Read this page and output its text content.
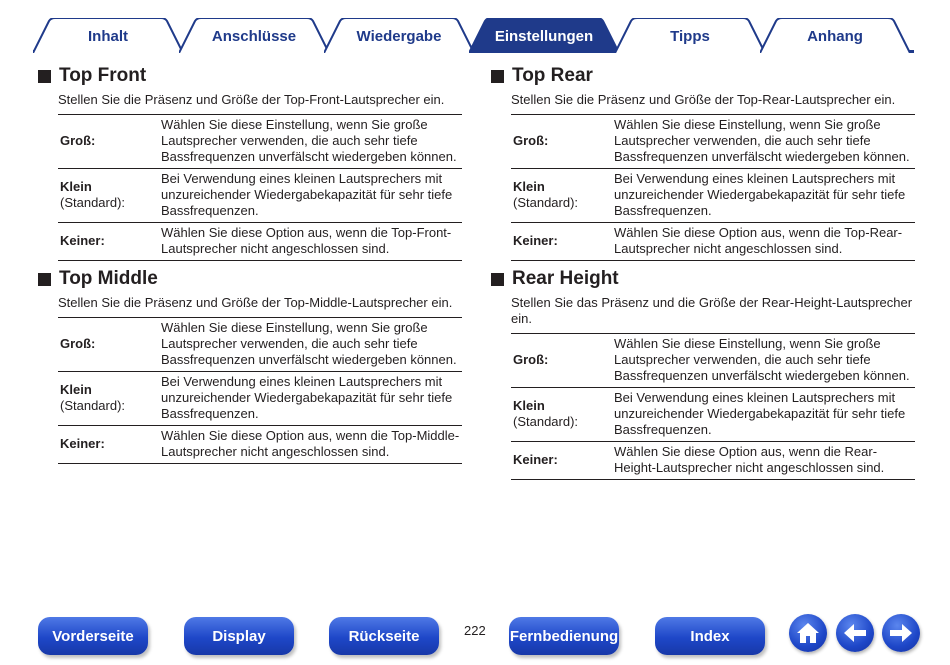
Inhalt	Anschlüsse	Wiedergabe	Einstellungen	Tipps	Anhang
Top Front
Stellen Sie die Präsenz und Größe der Top-Front-Lautsprecher ein.
Groß:	Wählen Sie diese Einstellung, wenn Sie große Lautsprecher verwenden, die auch sehr tiefe Bassfrequenzen unverfälscht wiedergeben können.

Klein
(Standard):	Bei Verwendung eines kleinen Lautsprechers mit unzureichender Wiedergabekapazität für sehr tiefe Bassfrequenzen.

Keiner:	Wählen Sie diese Option aus, wenn die Top-Front-Lautsprecher nicht angeschlossen sind.
Top Middle
Stellen Sie die Präsenz und Größe der Top-Middle-Lautsprecher ein.
Groß:	Wählen Sie diese Einstellung, wenn Sie große Lautsprecher verwenden, die auch sehr tiefe Bassfrequenzen unverfälscht wiedergeben können.

Klein
(Standard):	Bei Verwendung eines kleinen Lautsprechers mit unzureichender Wiedergabekapazität für sehr tiefe Bassfrequenzen.

Keiner:	Wählen Sie diese Option aus, wenn die Top-Middle-Lautsprecher nicht angeschlossen sind.
Top Rear
Stellen Sie die Präsenz und Größe der Top-Rear-Lautsprecher ein.
Groß:	Wählen Sie diese Einstellung, wenn Sie große Lautsprecher verwenden, die auch sehr tiefe Bassfrequenzen unverfälscht wiedergeben können.

Klein
(Standard):	Bei Verwendung eines kleinen Lautsprechers mit unzureichender Wiedergabekapazität für sehr tiefe Bassfrequenzen.

Keiner:	Wählen Sie diese Option aus, wenn die Top-Rear-Lautsprecher nicht angeschlossen sind.
Rear Height
Stellen Sie das Präsenz und die Größe der Rear-Height-Lautsprecher ein.
Groß:	Wählen Sie diese Einstellung, wenn Sie große Lautsprecher verwenden, die auch sehr tiefe Bassfrequenzen unverfälscht wiedergeben können.

Klein
(Standard):	Bei Verwendung eines kleinen Lautsprechers mit unzureichender Wiedergabekapazität für sehr tiefe Bassfrequenzen.

Keiner:	Wählen Sie diese Option aus, wenn die Rear-Height-Lautsprecher nicht angeschlossen sind.
Vorderseite	Display	Rückseite	222 Fernbedienung	Index
